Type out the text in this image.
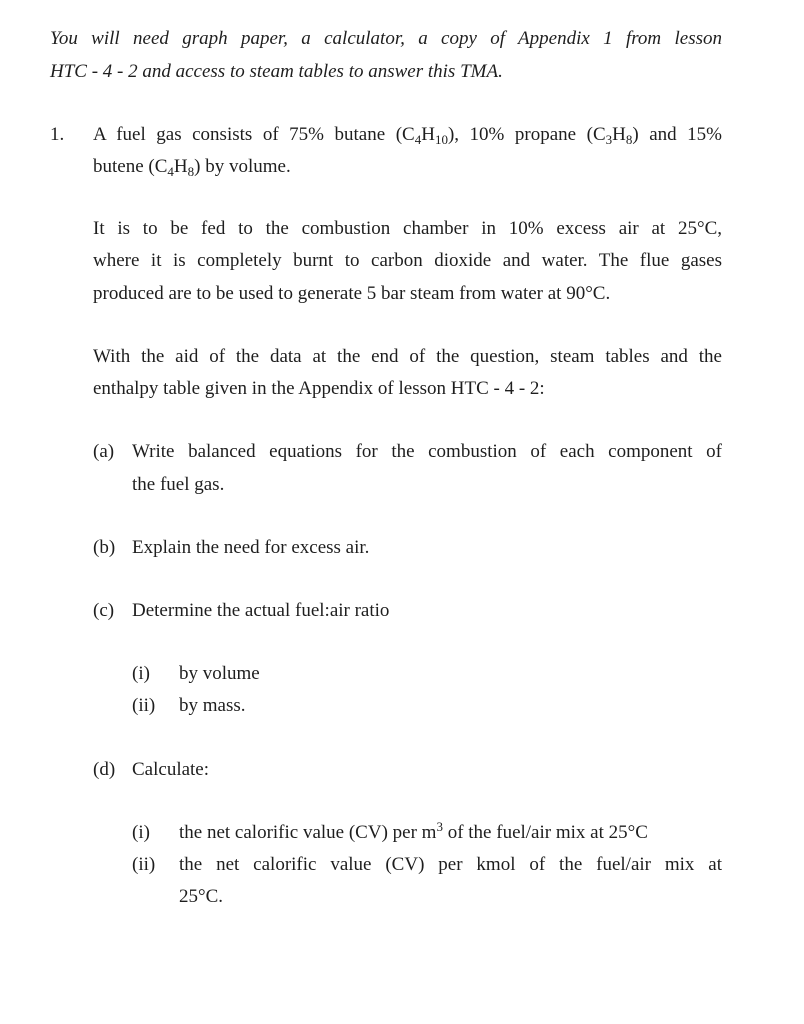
You will need graph paper, a calculator, a copy of Appendix 1 from lesson
HTC - 4 - 2 and access to steam tables to answer this TMA.
1. A fuel gas consists of 75% butane $(C_4H_{10})$, 10% propane $(C_3H_8)$ and 15%
butene $(C_4H_8)$ by volume.
It is to be fed to the combustion chamber in 10% excess air at 25°C,
where it is completely burnt to carbon dioxide and water. The flue gases
produced are to be used to generate 5 bar steam from water at 90°C.
With the aid of the data at the end of the question, steam tables and the
enthalpy table given in the Appendix of lesson HTC - 4 - 2:
(a) Write balanced equations for the combustion of each component of
the fuel gas.
(b) Explain the need for excess air.
(c) Determine the actual fuel:air ratio
(i) by volume
(ii) by mass.
(d) Calculate:
(i) the net calorific value (CV) per $m^3$ of the fuel/air mix at 25°C
(ii) the net calorific value (CV) per kmol of the fuel/air mix at
25°C.
